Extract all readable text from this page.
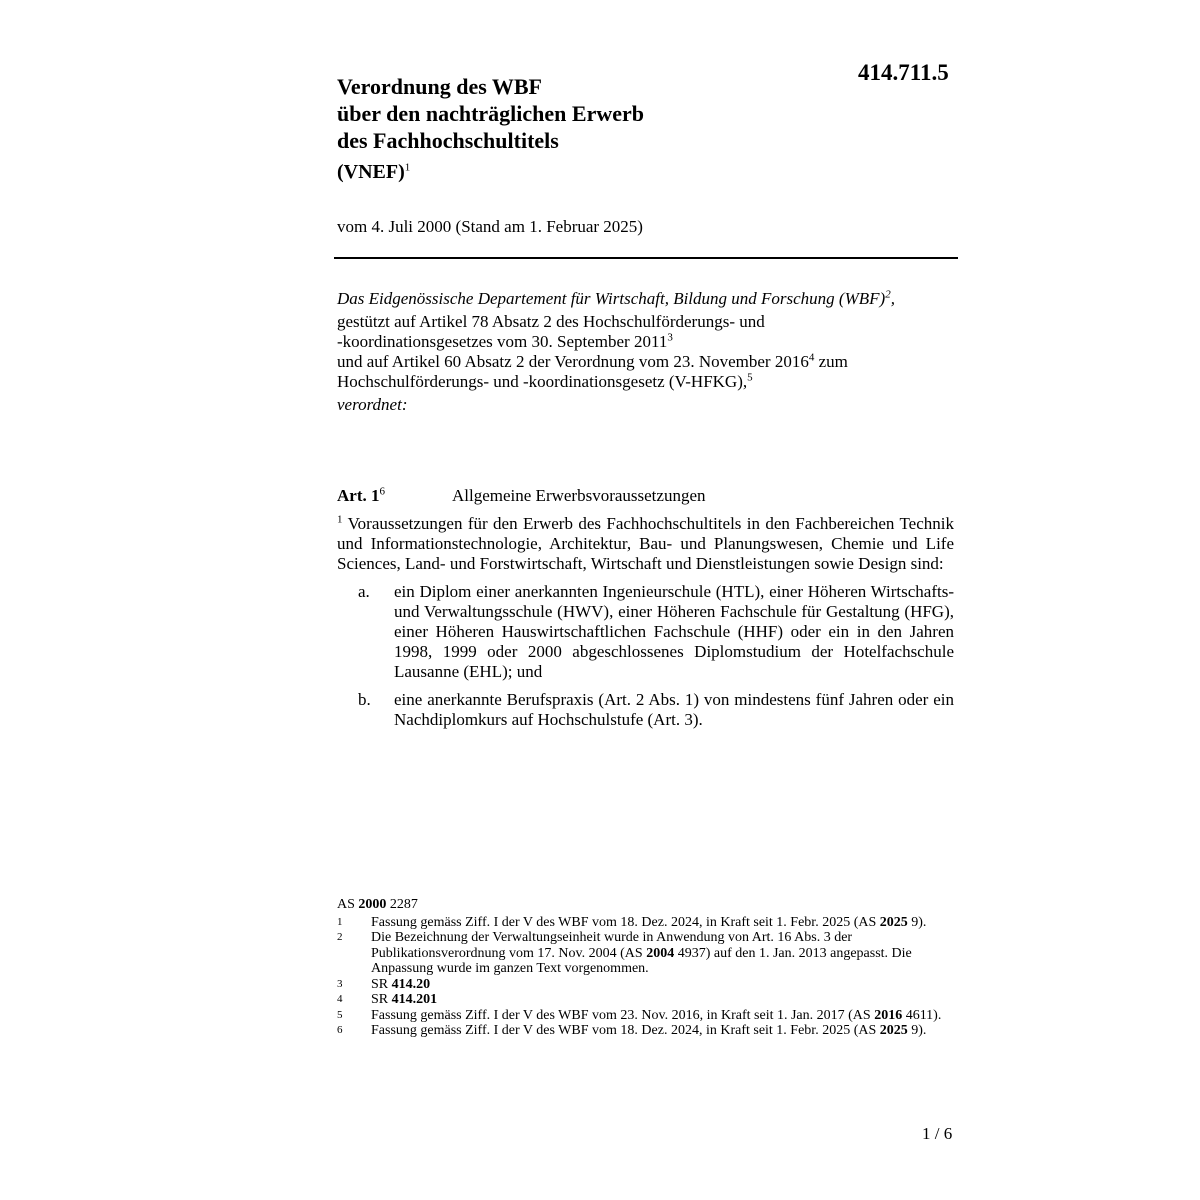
414.711.5
Verordnung des WBF
über den nachträglichen Erwerb
des Fachhochschultitels
(VNEF)$^1$
vom 4. Juli 2000 (Stand am 1. Februar 2025)
Das Eidgenössische Departement für Wirtschaft, Bildung und Forschung (WBF)$^2$,
gestützt auf Artikel 78 Absatz 2 des Hochschulförderungs- und
-koordinationsgesetzes vom 30. September 2011$^3$
und auf Artikel 60 Absatz 2 der Verordnung vom 23. November 2016$^4$ zum
Hochschulförderungs- und -koordinationsgesetz (V-HFKG),$^5$
verordnet:
Art. $1^6$	Allgemeine Erwerbsvoraussetzungen
$^1$ Voraussetzungen für den Erwerb des Fachhochschultitels in den Fachbereichen Technik und Informationstechnologie, Architektur, Bau- und Planungswesen, Chemie und Life Sciences, Land- und Forstwirtschaft, Wirtschaft und Dienstleistungen sowie Design sind:
a.	ein Diplom einer anerkannten Ingenieurschule (HTL), einer Höheren Wirtschafts- und Verwaltungsschule (HWV), einer Höheren Fachschule für Gestaltung (HFG), einer Höheren Hauswirtschaftlichen Fachschule (HHF) oder ein in den Jahren 1998, 1999 oder 2000 abgeschlossenes Diplomstudium der Hotelfachschule Lausanne (EHL); und
b.	eine anerkannte Berufspraxis (Art. 2 Abs. 1) von mindestens fünf Jahren oder ein Nachdiplomkurs auf Hochschulstufe (Art. 3).
AS 2000 2287
1	Fassung gemäss Ziff. I der V des WBF vom 18. Dez. 2024, in Kraft seit 1. Febr. 2025 (AS 2025 9).
2	Die Bezeichnung der Verwaltungseinheit wurde in Anwendung von Art. 16 Abs. 3 der Publikationsverordnung vom 17. Nov. 2004 (AS 2004 4937) auf den 1. Jan. 2013 angepasst. Die Anpassung wurde im ganzen Text vorgenommen.
3	SR 414.20
4	SR 414.201
5	Fassung gemäss Ziff. I der V des WBF vom 23. Nov. 2016, in Kraft seit 1. Jan. 2017 (AS 2016 4611).
6	Fassung gemäss Ziff. I der V des WBF vom 18. Dez. 2024, in Kraft seit 1. Febr. 2025 (AS 2025 9).
1 / 6
